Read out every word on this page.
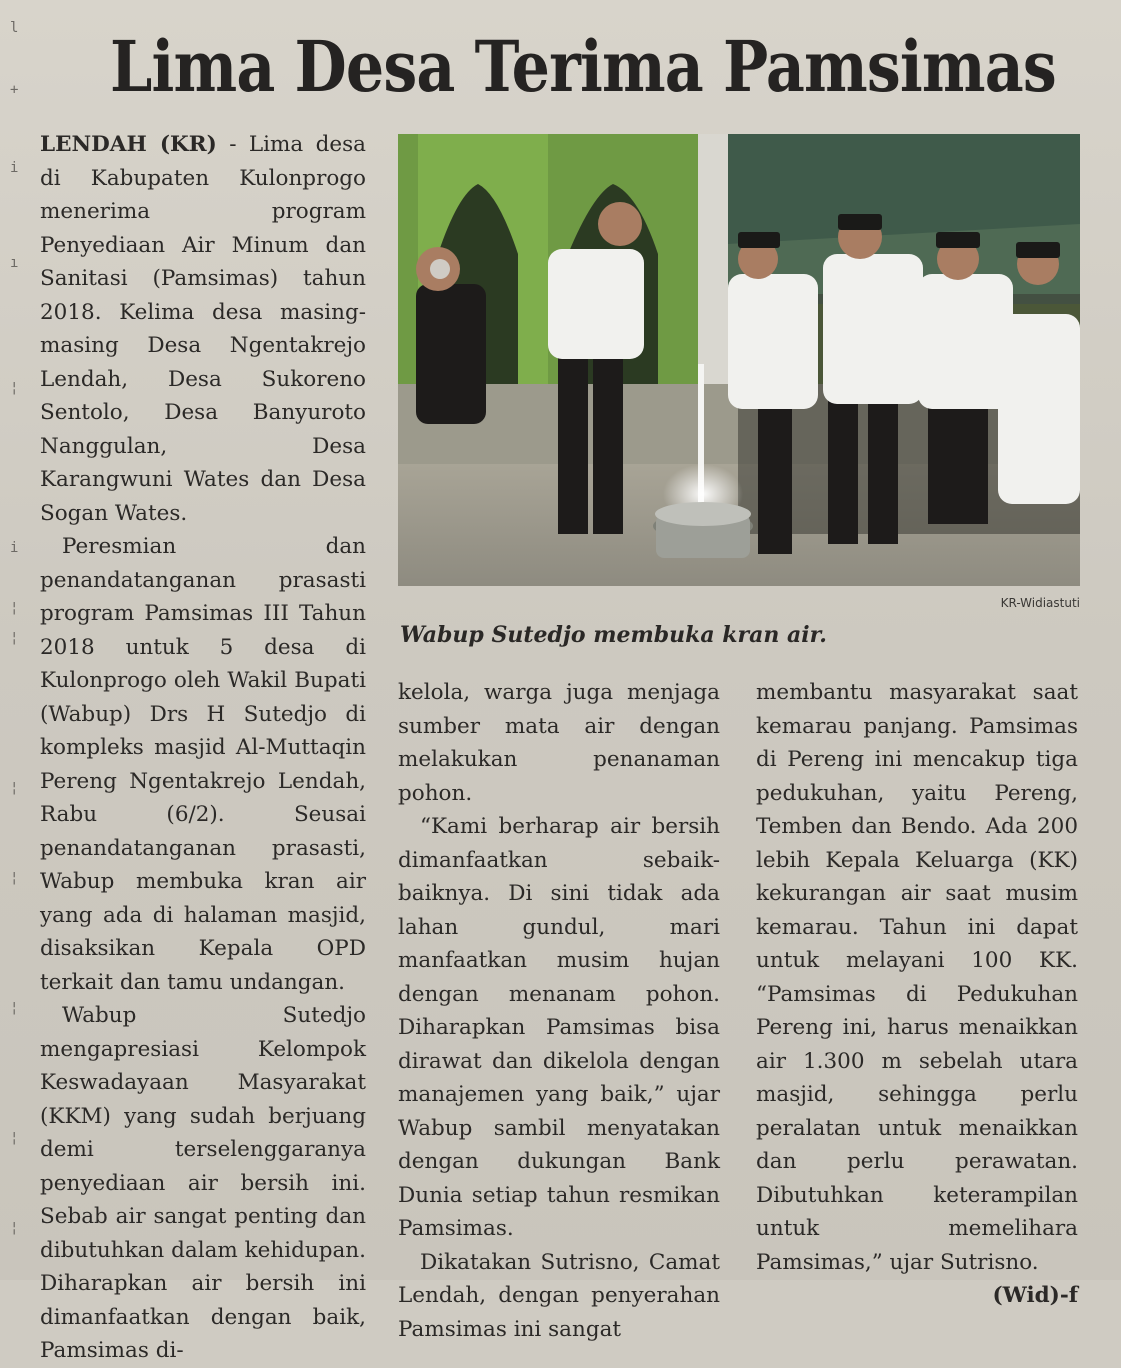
l
+
i
ı
¦
i
¦
¦
¦
¦
¦
¦
¦
Lima Desa Terima Pamsimas

LENDAH (KR) - Lima desa di Kabupaten Kulonprogo menerima program Penyediaan Air Minum dan Sanitasi (Pamsimas) tahun 2018. Kelima desa masing-masing Desa Ngentakrejo Lendah, Desa Sukoreno Sentolo, Desa Banyuroto Nanggulan, Desa Karangwuni Wates dan Desa Sogan Wates.

Peresmian dan penandatanganan prasasti program Pamsimas III Tahun 2018 untuk 5 desa di Kulonprogo oleh Wakil Bupati (Wabup) Drs H Sutedjo di kompleks masjid Al-Muttaqin Pereng Ngentakrejo Lendah, Rabu (6/2). Seusai penandatanganan prasasti, Wabup membuka kran air yang ada di halaman masjid, disaksikan Kepala OPD terkait dan tamu undangan.

Wabup Sutedjo mengapresiasi Kelompok Keswadayaan Masyarakat (KKM) yang sudah berjuang demi terselenggaranya penyediaan air bersih ini. Sebab air sangat penting dan dibutuhkan dalam kehidupan. Diharapkan air bersih ini dimanfaatkan dengan baik, Pamsimas di-

KR-Widiastuti
Wabup Sutedjo membuka kran air.

kelola, warga juga menjaga sumber mata air dengan melakukan penanaman pohon.

“Kami berharap air bersih dimanfaatkan sebaik-baiknya. Di sini tidak ada lahan gundul, mari manfaatkan musim hujan dengan menanam pohon. Diharapkan Pamsimas bisa dirawat dan dikelola dengan manajemen yang baik,” ujar Wabup sambil menyatakan dengan dukungan Bank Dunia setiap tahun resmikan Pamsimas.

Dikatakan Sutrisno, Camat Lendah, dengan penyerahan Pamsimas ini sangat

membantu masyarakat saat kemarau panjang. Pamsimas di Pereng ini mencakup tiga pedukuhan, yaitu Pereng, Temben dan Bendo. Ada 200 lebih Kepala Keluarga (KK) kekurangan air saat musim kemarau. Tahun ini dapat untuk melayani 100 KK. “Pamsimas di Pedukuhan Pereng ini, harus menaikkan air 1.300 m sebelah utara masjid, sehingga perlu peralatan untuk menaikkan dan perlu perawatan. Dibutuhkan keterampilan untuk memelihara Pamsimas,” ujar Sutrisno.
(Wid)-f
